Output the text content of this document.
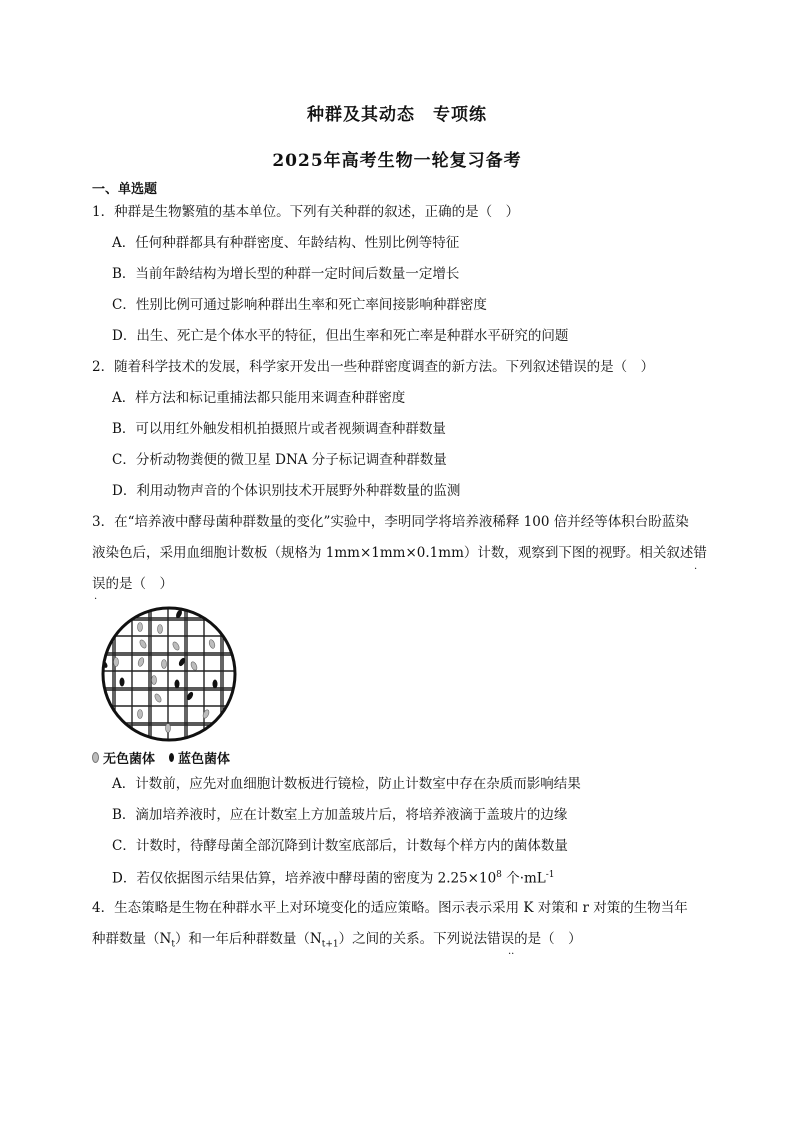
种群及其动态　专项练
2025年高考生物一轮复习备考
一、单选题
1．种群是生物繁殖的基本单位。下列有关种群的叙述，正确的是（　）
A．任何种群都具有种群密度、年龄结构、性别比例等特征
B．当前年龄结构为增长型的种群一定时间后数量一定增长
C．性别比例可通过影响种群出生率和死亡率间接影响种群密度
D．出生、死亡是个体水平的特征，但出生率和死亡率是种群水平研究的问题
2．随着科学技术的发展，科学家开发出一些种群密度调查的新方法。下列叙述错误的是（　）
A．样方法和标记重捕法都只能用来调查种群密度
B．可以用红外触发相机拍摄照片或者视频调查种群数量
C．分析动物粪便的微卫星 DNA 分子标记调查种群数量
D．利用动物声音的个体识别技术开展野外种群数量的监测
3．在“培养液中酵母菌种群数量的变化”实验中，李明同学将培养液稀释 100 倍并经等体积台盼蓝染
液染色后，采用血细胞计数板（规格为 1mm×1mm×0.1mm）计数，观察到下图的视野。相关叙述错
.
误的是（　）
.
无色菌体 蓝色菌体
A．计数前，应先对血细胞计数板进行镜检，防止计数室中存在杂质而影响结果
B．滴加培养液时，应在计数室上方加盖玻片后，将培养液滴于盖玻片的边缘
C．计数时，待酵母菌全部沉降到计数室底部后，计数每个样方内的菌体数量
D．若仅依据图示结果估算，培养液中酵母菌的密度为 $2.25\times 10^8$ 个$\cdot mL^{-1}$
4．生态策略是生物在种群水平上对环境变化的适应策略。图示表示采用 K 对策和 r 对策的生物当年
种群数量$(N_t)$和一年后种群数量$(N_{t+1})$之间的关系。下列说法错误的是（　）
..
